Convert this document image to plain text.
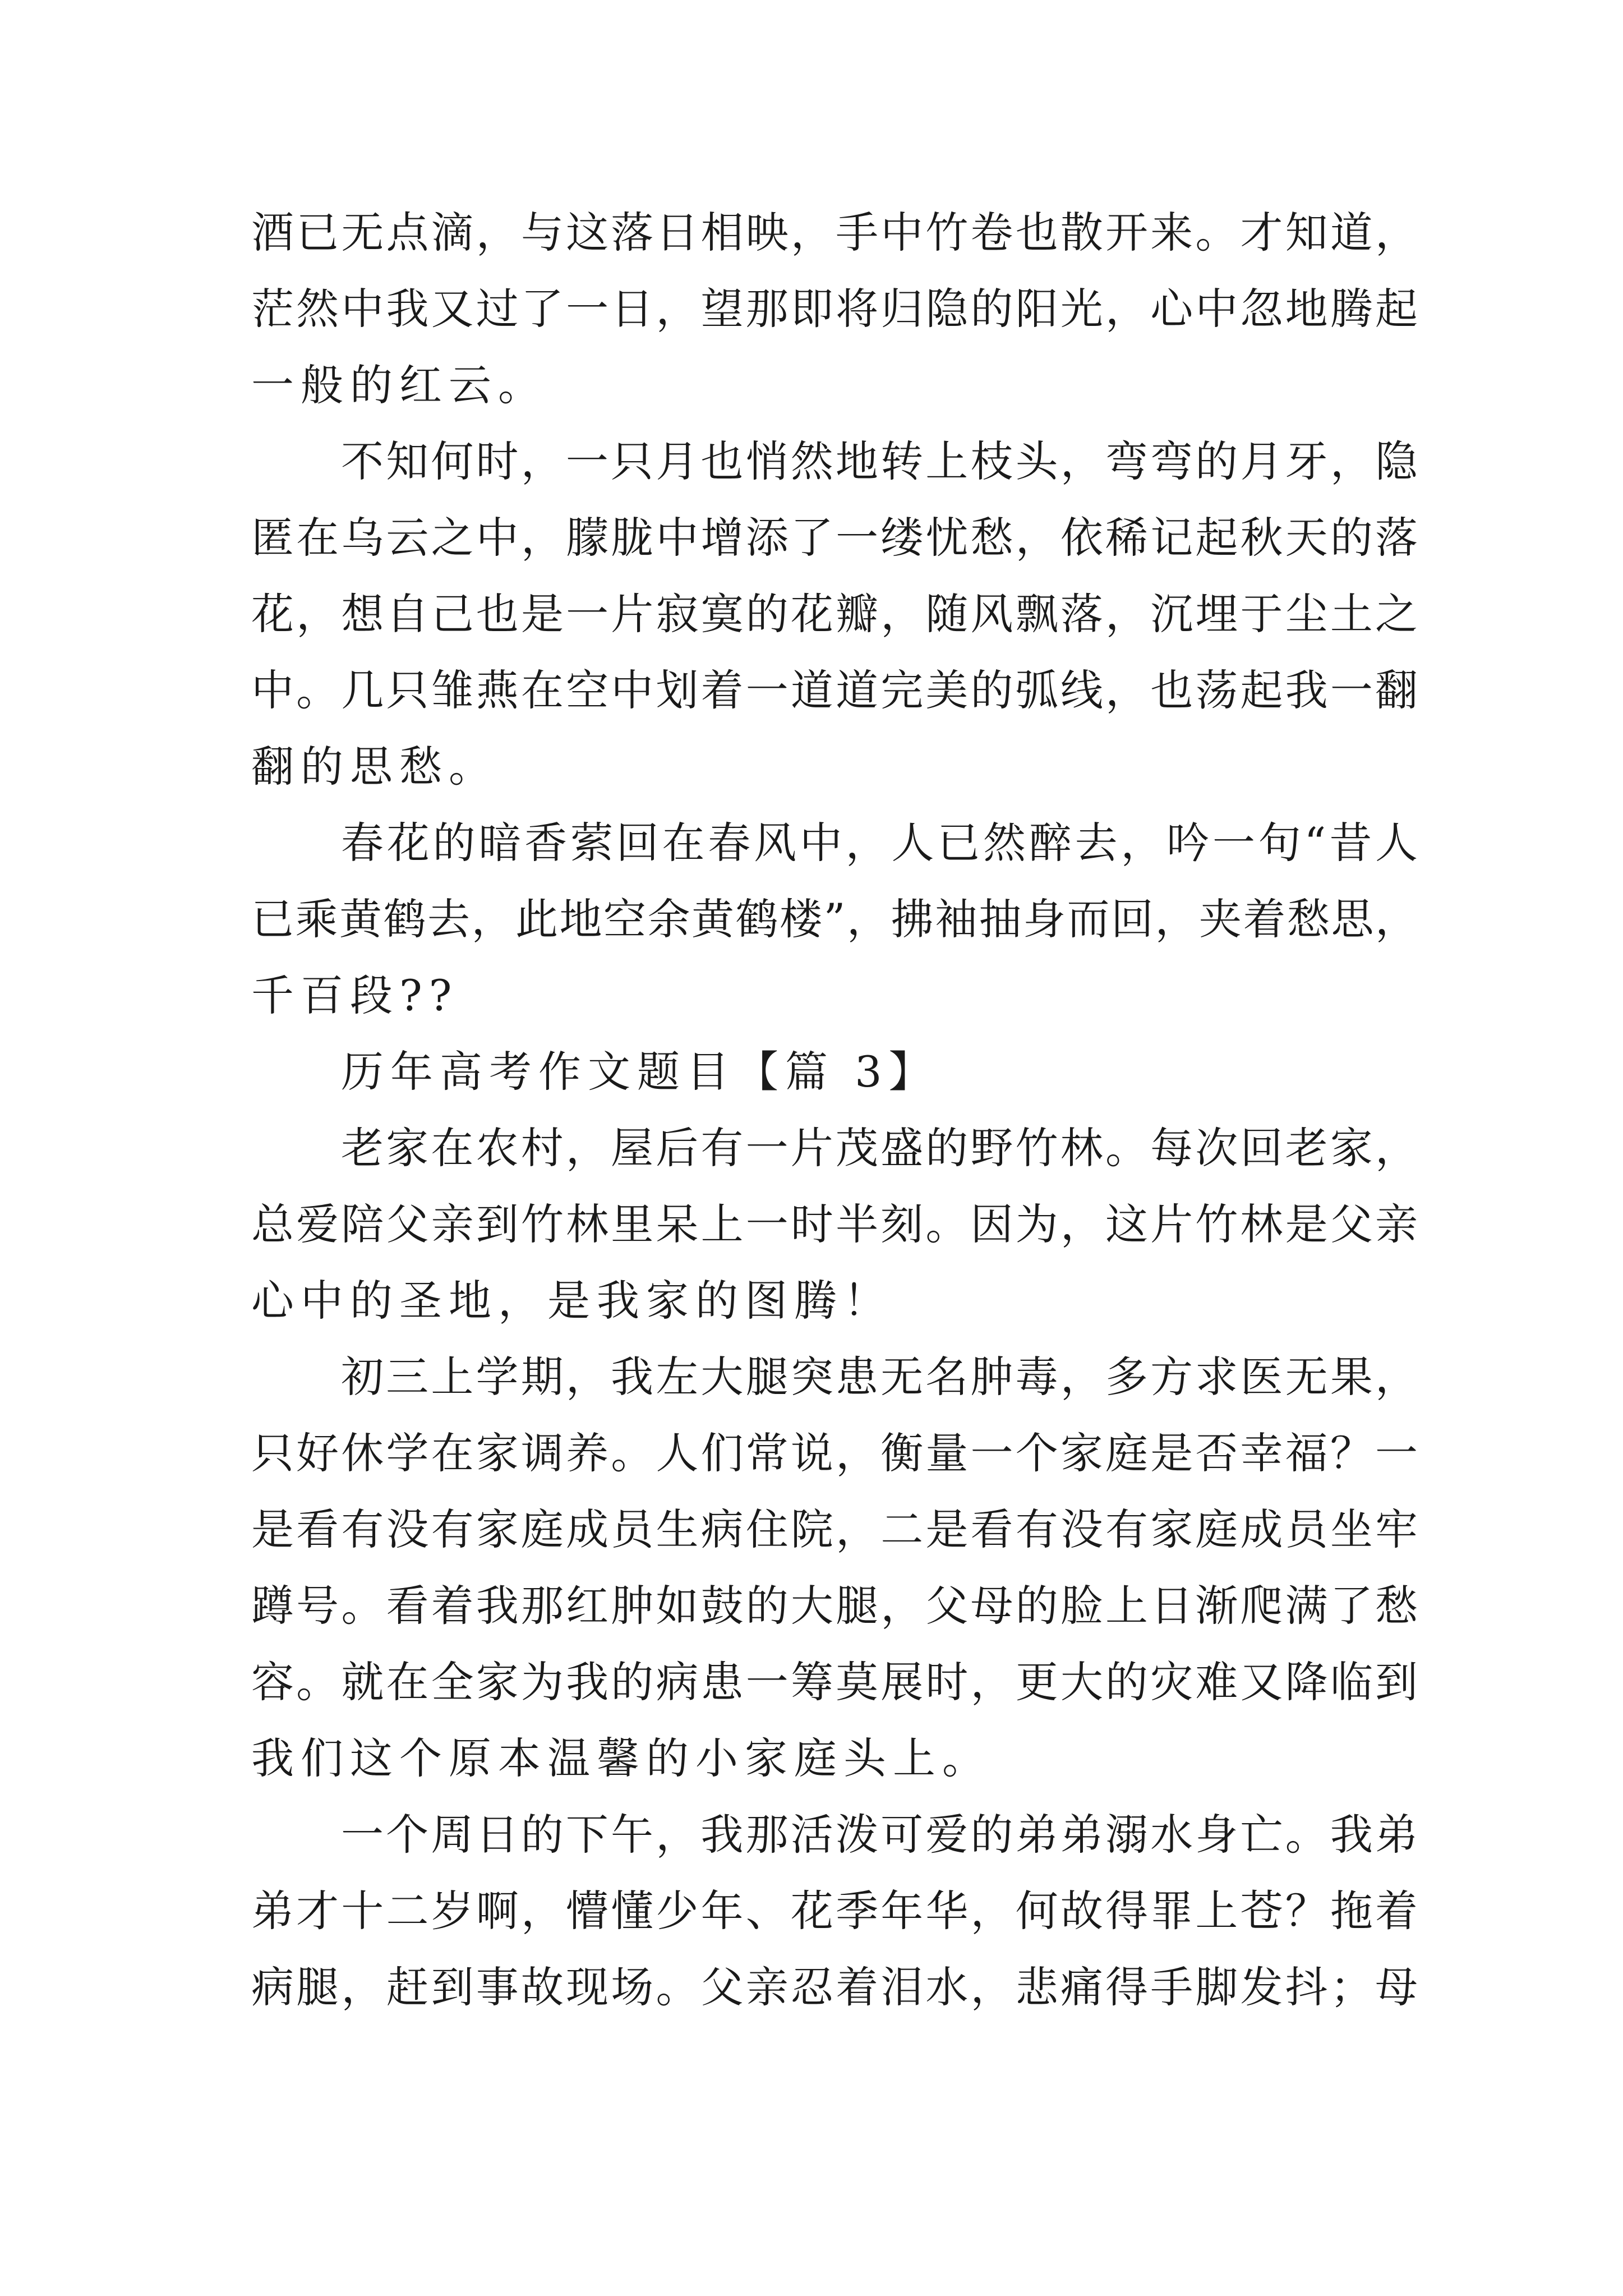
酒已无点滴，与这落日相映，手中竹卷也散开来。才知道，
茫然中我又过了一日，望那即将归隐的阳光，心中忽地腾起
一般的红云。
不知何时，一只月也悄然地转上枝头，弯弯的月牙，隐
匿在乌云之中，朦胧中增添了一缕忧愁，依稀记起秋天的落
花，想自己也是一片寂寞的花瓣，随风飘落，沉埋于尘土之
中。几只雏燕在空中划着一道道完美的弧线，也荡起我一翻
翻的思愁。
春花的暗香萦回在春风中，人已然醉去，吟一句“昔人
已乘黄鹤去，此地空余黄鹤楼”，拂袖抽身而回，夹着愁思，
千百段??
历年高考作文题目【篇 3】
老家在农村，屋后有一片茂盛的野竹林。每次回老家，
总爱陪父亲到竹林里呆上一时半刻。因为，这片竹林是父亲
心中的圣地，是我家的图腾！
初三上学期，我左大腿突患无名肿毒，多方求医无果，
只好休学在家调养。人们常说，衡量一个家庭是否幸福？一
是看有没有家庭成员生病住院，二是看有没有家庭成员坐牢
蹲号。看着我那红肿如鼓的大腿，父母的脸上日渐爬满了愁
容。就在全家为我的病患一筹莫展时，更大的灾难又降临到
我们这个原本温馨的小家庭头上。
一个周日的下午，我那活泼可爱的弟弟溺水身亡。我弟
弟才十二岁啊，懵懂少年、花季年华，何故得罪上苍？拖着
病腿，赶到事故现场。父亲忍着泪水，悲痛得手脚发抖；母
